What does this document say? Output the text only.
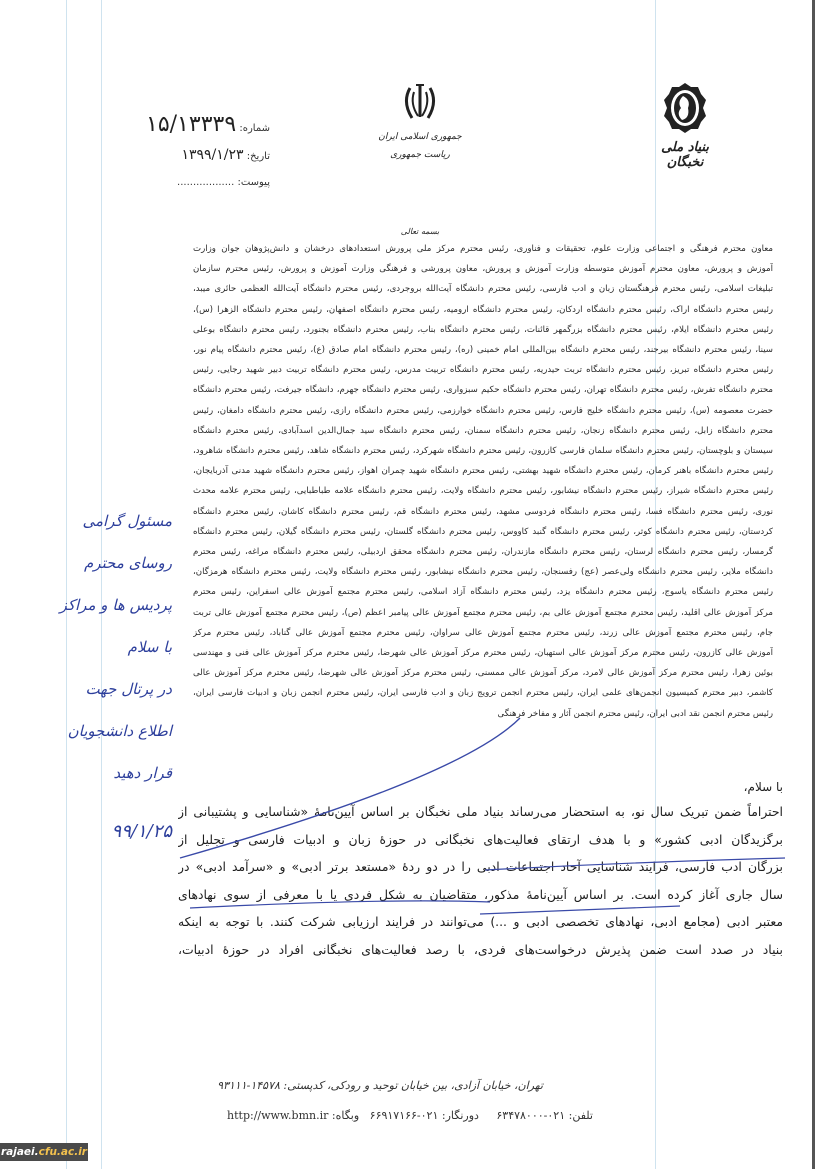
بنیاد ملی نخبگان
جمهوری اسلامی ایران
ریاست جمهوری
شماره: ۱۵/۱۳۳۳۹
تاریخ: ۱۳۹۹/۱/۲۳
پیوست: ..................
بسمه تعالی
معاون محترم فرهنگی و اجتماعی وزارت علوم، تحقیقات و فناوری، رئیس محترم مرکز ملی پرورش استعدادهای درخشان و دانش‌پژوهان جوان وزارت
آموزش و پرورش، معاون محترم آموزش متوسطه وزارت آموزش و پرورش، معاون پرورشی و فرهنگی وزارت آموزش و پرورش، رئیس محترم سازمان
تبلیغات اسلامی، رئیس محترم فرهنگستان زبان و ادب فارسی، رئیس محترم دانشگاه آیت‌الله بروجردی، رئیس محترم دانشگاه آیت‌الله العظمی حائری میبد،
رئیس محترم دانشگاه اراک، رئیس محترم دانشگاه اردکان، رئیس محترم دانشگاه ارومیه، رئیس محترم دانشگاه اصفهان، رئیس محترم دانشگاه الزهرا (س)،
رئیس محترم دانشگاه ایلام، رئیس محترم دانشگاه بزرگمهر قائنات، رئیس محترم دانشگاه بناب، رئیس محترم دانشگاه بجنورد، رئیس محترم دانشگاه بوعلی
سینا، رئیس محترم دانشگاه بیرجند، رئیس محترم دانشگاه بین‌المللی امام خمینی (ره)، رئیس محترم دانشگاه امام صادق (ع)، رئیس محترم دانشگاه پیام نور،
رئیس محترم دانشگاه تبریز، رئیس محترم دانشگاه تربت حیدریه، رئیس محترم دانشگاه تربیت مدرس، رئیس محترم دانشگاه تربیت دبیر شهید رجایی، رئیس
محترم دانشگاه تفرش، رئیس محترم دانشگاه تهران، رئیس محترم دانشگاه حکیم سبزواری، رئیس محترم دانشگاه جهرم، دانشگاه جیرفت، رئیس محترم دانشگاه
حضرت معصومه (س)، رئیس محترم دانشگاه خلیج فارس، رئیس محترم دانشگاه خوارزمی، رئیس محترم دانشگاه رازی، رئیس محترم دانشگاه دامغان، رئیس
محترم دانشگاه زابل، رئیس محترم دانشگاه زنجان، رئیس محترم دانشگاه سمنان، رئیس محترم دانشگاه سید جمال‌الدین اسدآبادی، رئیس محترم دانشگاه
سیستان و بلوچستان، رئیس محترم دانشگاه سلمان فارسی کازرون، رئیس محترم دانشگاه شهرکرد، رئیس محترم دانشگاه شاهد، رئیس محترم دانشگاه شاهرود،
رئیس محترم دانشگاه باهنر کرمان، رئیس محترم دانشگاه شهید بهشتی، رئیس محترم دانشگاه شهید چمران اهواز، رئیس محترم دانشگاه شهید مدنی آذربایجان،
رئیس محترم دانشگاه شیراز، رئیس محترم دانشگاه نیشابور، رئیس محترم دانشگاه ولایت، رئیس محترم دانشگاه علامه طباطبایی، رئیس محترم علامه محدث
نوری، رئیس محترم دانشگاه فسا، رئیس محترم دانشگاه فردوسی مشهد، رئیس محترم دانشگاه قم، رئیس محترم دانشگاه کاشان، رئیس محترم دانشگاه
کردستان، رئیس محترم دانشگاه کوثر، رئیس محترم دانشگاه گنبد کاووس، رئیس محترم دانشگاه گلستان، رئیس محترم دانشگاه گیلان، رئیس محترم دانشگاه
گرمسار، رئیس محترم دانشگاه لرستان، رئیس محترم دانشگاه مازندران، رئیس محترم دانشگاه محقق اردبیلی، رئیس محترم دانشگاه مراغه، رئیس محترم
دانشگاه ملایر، رئیس محترم دانشگاه ولی‌عصر (عج) رفسنجان، رئیس محترم دانشگاه نیشابور، رئیس محترم دانشگاه ولایت، رئیس محترم دانشگاه هرمزگان،
رئیس محترم دانشگاه یاسوج، رئیس محترم دانشگاه یزد، رئیس محترم دانشگاه آزاد اسلامی، رئیس محترم مجتمع آموزش عالی اسفراین، رئیس محترم
مرکز آموزش عالی اقلید، رئیس محترم مجتمع آموزش عالی بم، رئیس محترم مجتمع آموزش عالی پیامبر اعظم (ص)، رئیس محترم مجتمع آموزش عالی تربت
جام، رئیس محترم مجتمع آموزش عالی زرند، رئیس محترم مجتمع آموزش عالی سراوان، رئیس محترم مجتمع آموزش عالی گناباد، رئیس محترم مرکز
آموزش عالی کازرون، رئیس محترم مرکز آموزش عالی استهبان، رئیس محترم مرکز آموزش عالی شهرضا، رئیس محترم مرکز آموزش عالی فنی و مهندسی
بوئین زهرا، رئیس محترم مرکز آموزش عالی لامرد، مرکز آموزش عالی ممسنی، رئیس محترم مرکز آموزش عالی شهرضا، رئیس محترم مرکز آموزش عالی
کاشمر، دبیر محترم کمیسیون انجمن‌های علمی ایران، رئیس محترم انجمن ترویج زبان و ادب فارسی ایران، رئیس محترم انجمن زبان و ادبیات فارسی ایران،
رئیس محترم انجمن نقد ادبی ایران، رئیس محترم انجمن آثار و مفاخر فرهنگی
با سلام،
احتراماً ضمن تبریک سال نو، به استحضار می‌رساند بنیاد ملی نخبگان بر اساس آیین‌نامهٔ «شناسایی و پشتیبانی از
برگزیدگان ادبی کشور» و با هدف ارتقای فعالیت‌های نخبگانی در حوزهٔ زبان و ادبیات فارسی و تجلیل از
بزرگان ادب فارسی، فرایند شناسایی آحاد اجتماعات ادبی را در دو ردهٔ «مستعد برتر ادبی» و «سرآمد ادبی» در
سال جاری آغاز کرده است. بر اساس آیین‌نامهٔ مذکور، متقاضیان به شکل فردی یا با معرفی از سوی نهادهای
معتبر ادبی (مجامع ادبی، نهادهای تخصصی ادبی و ...) می‌توانند در فرایند ارزیابی شرکت کنند. با توجه به اینکه
بنیاد در صدد است ضمن پذیرش درخواست‌های فردی، با رصد فعالیت‌های نخبگانی افراد در حوزهٔ ادبیات،
مسئول گرامی
روسای محترم
پردیس ها و مراکز
با سلام
در پرتال جهت
اطلاع دانشجویان
قرار دهید
۹۹/۱/۲۵
تهران، خیابان آزادی، بین خیابان توحید و رودکی، کدپستی: ۱۴۵۷۸-۹۳۱۱۱
تلفن: ۰۲۱-۶۳۴۷۸۰۰۰     دورنگار: ۰۲۱-۶۶۹۱۷۱۶۶   وبگاه: http://www.bmn.ir
rajaei.cfu.ac.ir
